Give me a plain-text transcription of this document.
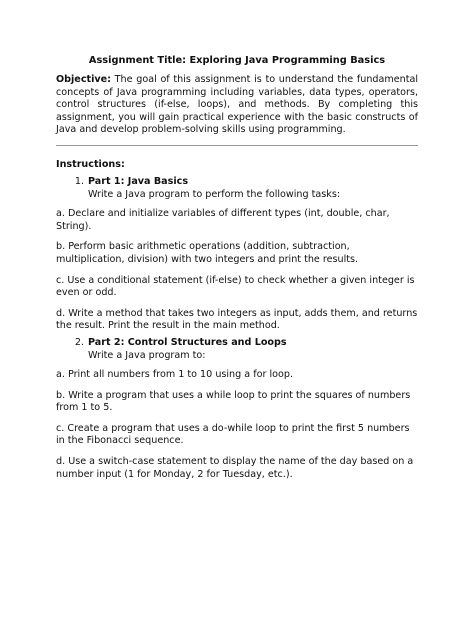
Assignment Title: Exploring Java Programming Basics

Objective: The goal of this assignment is to understand the fundamental concepts of Java programming including variables, data types, operators, control structures (if-else, loops), and methods. By completing this assignment, you will gain practical experience with the basic constructs of Java and develop problem-solving skills using programming.

Instructions:
1. Part 1: Java Basics
Write a Java program to perform the following tasks:

a. Declare and initialize variables of different types (int, double, char, String).

b. Perform basic arithmetic operations (addition, subtraction, multiplication, division) with two integers and print the results.

c. Use a conditional statement (if-else) to check whether a given integer is even or odd.

d. Write a method that takes two integers as input, adds them, and returns the result. Print the result in the main method.

2. Part 2: Control Structures and Loops
Write a Java program to:

a. Print all numbers from 1 to 10 using a for loop.

b. Write a program that uses a while loop to print the squares of numbers from 1 to 5.

c. Create a program that uses a do-while loop to print the first 5 numbers in the Fibonacci sequence.

d. Use a switch-case statement to display the name of the day based on a number input (1 for Monday, 2 for Tuesday, etc.).
